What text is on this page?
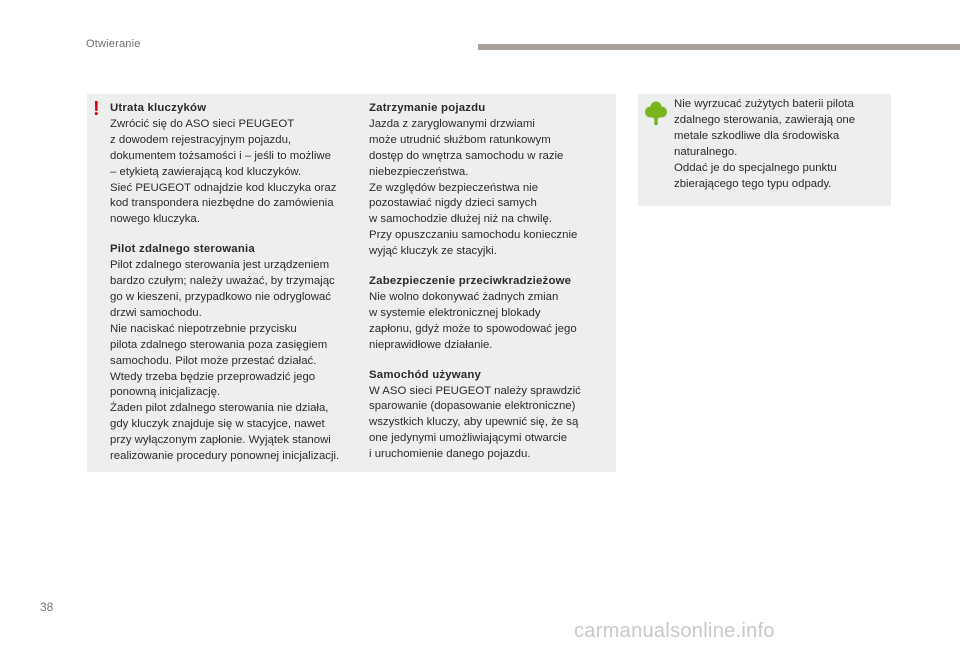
Otwieranie
! Utrata kluczyków
Zwrócić się do ASO sieci PEUGEOT
z dowodem rejestracyjnym pojazdu,
dokumentem tożsamości i – jeśli to możliwe
– etykietą zawierającą kod kluczyków.
Sieć PEUGEOT odnajdzie kod kluczyka oraz
kod transpondera niezbędne do zamówienia
nowego kluczyka.
Pilot zdalnego sterowania
Pilot zdalnego sterowania jest urządzeniem
bardzo czułym; należy uważać, by trzymając
go w kieszeni, przypadkowo nie odryglować
drzwi samochodu.
Nie naciskać niepotrzebnie przycisku
pilota zdalnego sterowania poza zasięgiem
samochodu. Pilot może przestać działać.
Wtedy trzeba będzie przeprowadzić jego
ponowną inicjalizację.
Żaden pilot zdalnego sterowania nie działa,
gdy kluczyk znajduje się w stacyjce, nawet
przy wyłączonym zapłonie. Wyjątek stanowi
realizowanie procedury ponownej inicjalizacji.
Zatrzymanie pojazdu
Jazda z zaryglowanymi drzwiami
może utrudnić służbom ratunkowym
dostęp do wnętrza samochodu w razie
niebezpieczeństwa.
Ze względów bezpieczeństwa nie
pozostawiać nigdy dzieci samych
w samochodzie dłużej niż na chwilę.
Przy opuszczaniu samochodu koniecznie
wyjąć kluczyk ze stacyjki.
Zabezpieczenie przeciwkradzieżowe
Nie wolno dokonywać żadnych zmian
w systemie elektronicznej blokady
zapłonu, gdyż może to spowodować jego
nieprawidłowe działanie.
Samochód używany
W ASO sieci PEUGEOT należy sprawdzić
sparowanie (dopasowanie elektroniczne)
wszystkich kluczy, aby upewnić się, że są
one jedynymi umożliwiającymi otwarcie
i uruchomienie danego pojazdu.
Nie wyrzucać zużytych baterii pilota
zdalnego sterowania, zawierają one
metale szkodliwe dla środowiska
naturalnego.
Oddać je do specjalnego punktu
zbierającego tego typu odpady.
38
carmanualsonline.info
